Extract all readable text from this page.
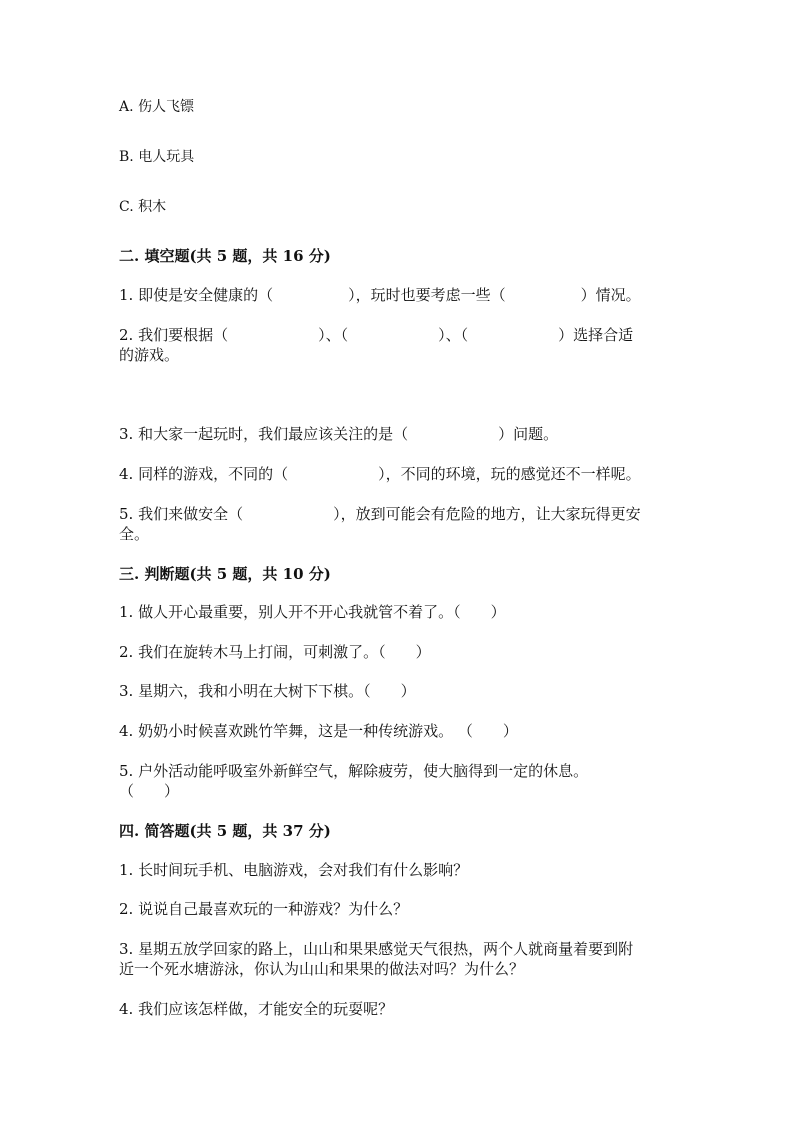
A. 伤人飞镖
B. 电人玩具
C. 积木
二. 填空题(共 5 题，共 16 分)
1. 即使是安全健康的（　　　　　），玩时也要考虑一些（　　　　　）情况。
2. 我们要根据（　　　　　　）、（　　　　　　）、（　　　　　　）选择合适
的游戏。
3. 和大家一起玩时，我们最应该关注的是（　　　　　　）问题。
4. 同样的游戏，不同的（　　　　　　），不同的环境，玩的感觉还不一样呢。
5. 我们来做安全（　　　　　　），放到可能会有危险的地方，让大家玩得更安
全。
三. 判断题(共 5 题，共 10 分)
1. 做人开心最重要，别人开不开心我就管不着了。（　　）
2. 我们在旋转木马上打闹，可刺激了。（　　）
3. 星期六，我和小明在大树下下棋。（　　）
4. 奶奶小时候喜欢跳竹竿舞，这是一种传统游戏。 （　　）
5. 户外活动能呼吸室外新鲜空气，解除疲劳，使大脑得到一定的休息。
（　　）
四. 简答题(共 5 题，共 37 分)
1. 长时间玩手机、电脑游戏，会对我们有什么影响？
2. 说说自己最喜欢玩的一种游戏？为什么？
3. 星期五放学回家的路上，山山和果果感觉天气很热，两个人就商量着要到附
近一个死水塘游泳，你认为山山和果果的做法对吗？为什么？
4. 我们应该怎样做，才能安全的玩耍呢？
